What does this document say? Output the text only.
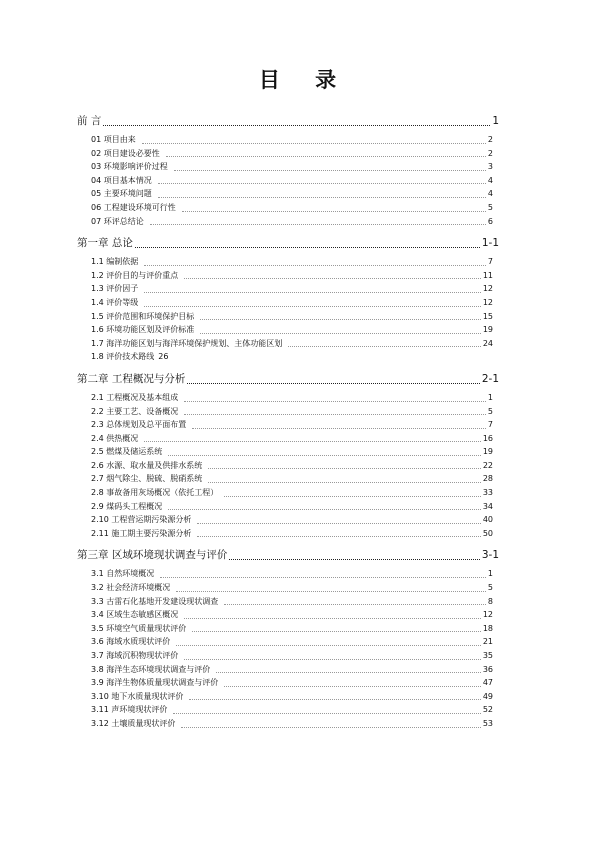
目 录
前 言	1
01 项目由来	2
02 项目建设必要性	2
03 环境影响评价过程	3
04 项目基本情况	4
05 主要环境问题	4
06 工程建设环境可行性	5
07 环评总结论	6
第一章 总论	1-1
1.1 编制依据	7
1.2 评价目的与评价重点	11
1.3 评价因子	12
1.4 评价等级	12
1.5 评价范围和环境保护目标	15
1.6 环境功能区划及评价标准	19
1.7 海洋功能区划与海洋环境保护规划、主体功能区划	24
1.8 评价技术路线 26
第二章 工程概况与分析	2-1
2.1 工程概况及基本组成	1
2.2 主要工艺、设备概况	5
2.3 总体规划及总平面布置	7
2.4 供热概况	16
2.5 燃煤及储运系统	19
2.6 水源、取水量及供排水系统	22
2.7 烟气除尘、脱硫、脱硝系统	28
2.8 事故备用灰场概况（依托工程）	33
2.9 煤码头工程概况	34
2.10 工程营运期污染源分析	40
2.11 施工期主要污染源分析	50
第三章 区域环境现状调查与评价	3-1
3.1 自然环境概况	1
3.2 社会经济环境概况	5
3.3 古雷石化基地开发建设现状调查	8
3.4 区域生态敏感区概况	12
3.5 环境空气质量现状评价	18
3.6 海域水质现状评价	21
3.7 海域沉积物现状评价	35
3.8 海洋生态环境现状调查与评价	36
3.9 海洋生物体质量现状调查与评价	47
3.10 地下水质量现状评价	49
3.11 声环境现状评价	52
3.12 土壤质量现状评价	53
